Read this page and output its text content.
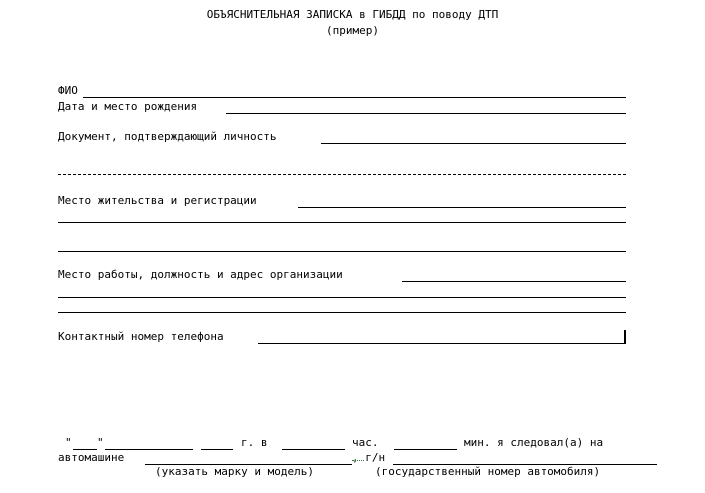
ОБЪЯСНИТЕЛЬНАЯ ЗАПИСКА в ГИБДД по поводу ДТП
(пример)
ФИО
Дата и место рождения
Документ, подтверждающий личность
Место жительства и регистрации
Место работы, должность и адрес организации
Контактный номер телефона
" "	г. в	час.	мин. я следовал(а) на
автомашине	, г/н
(указать марку и модель)	(государственный номер автомобиля)
